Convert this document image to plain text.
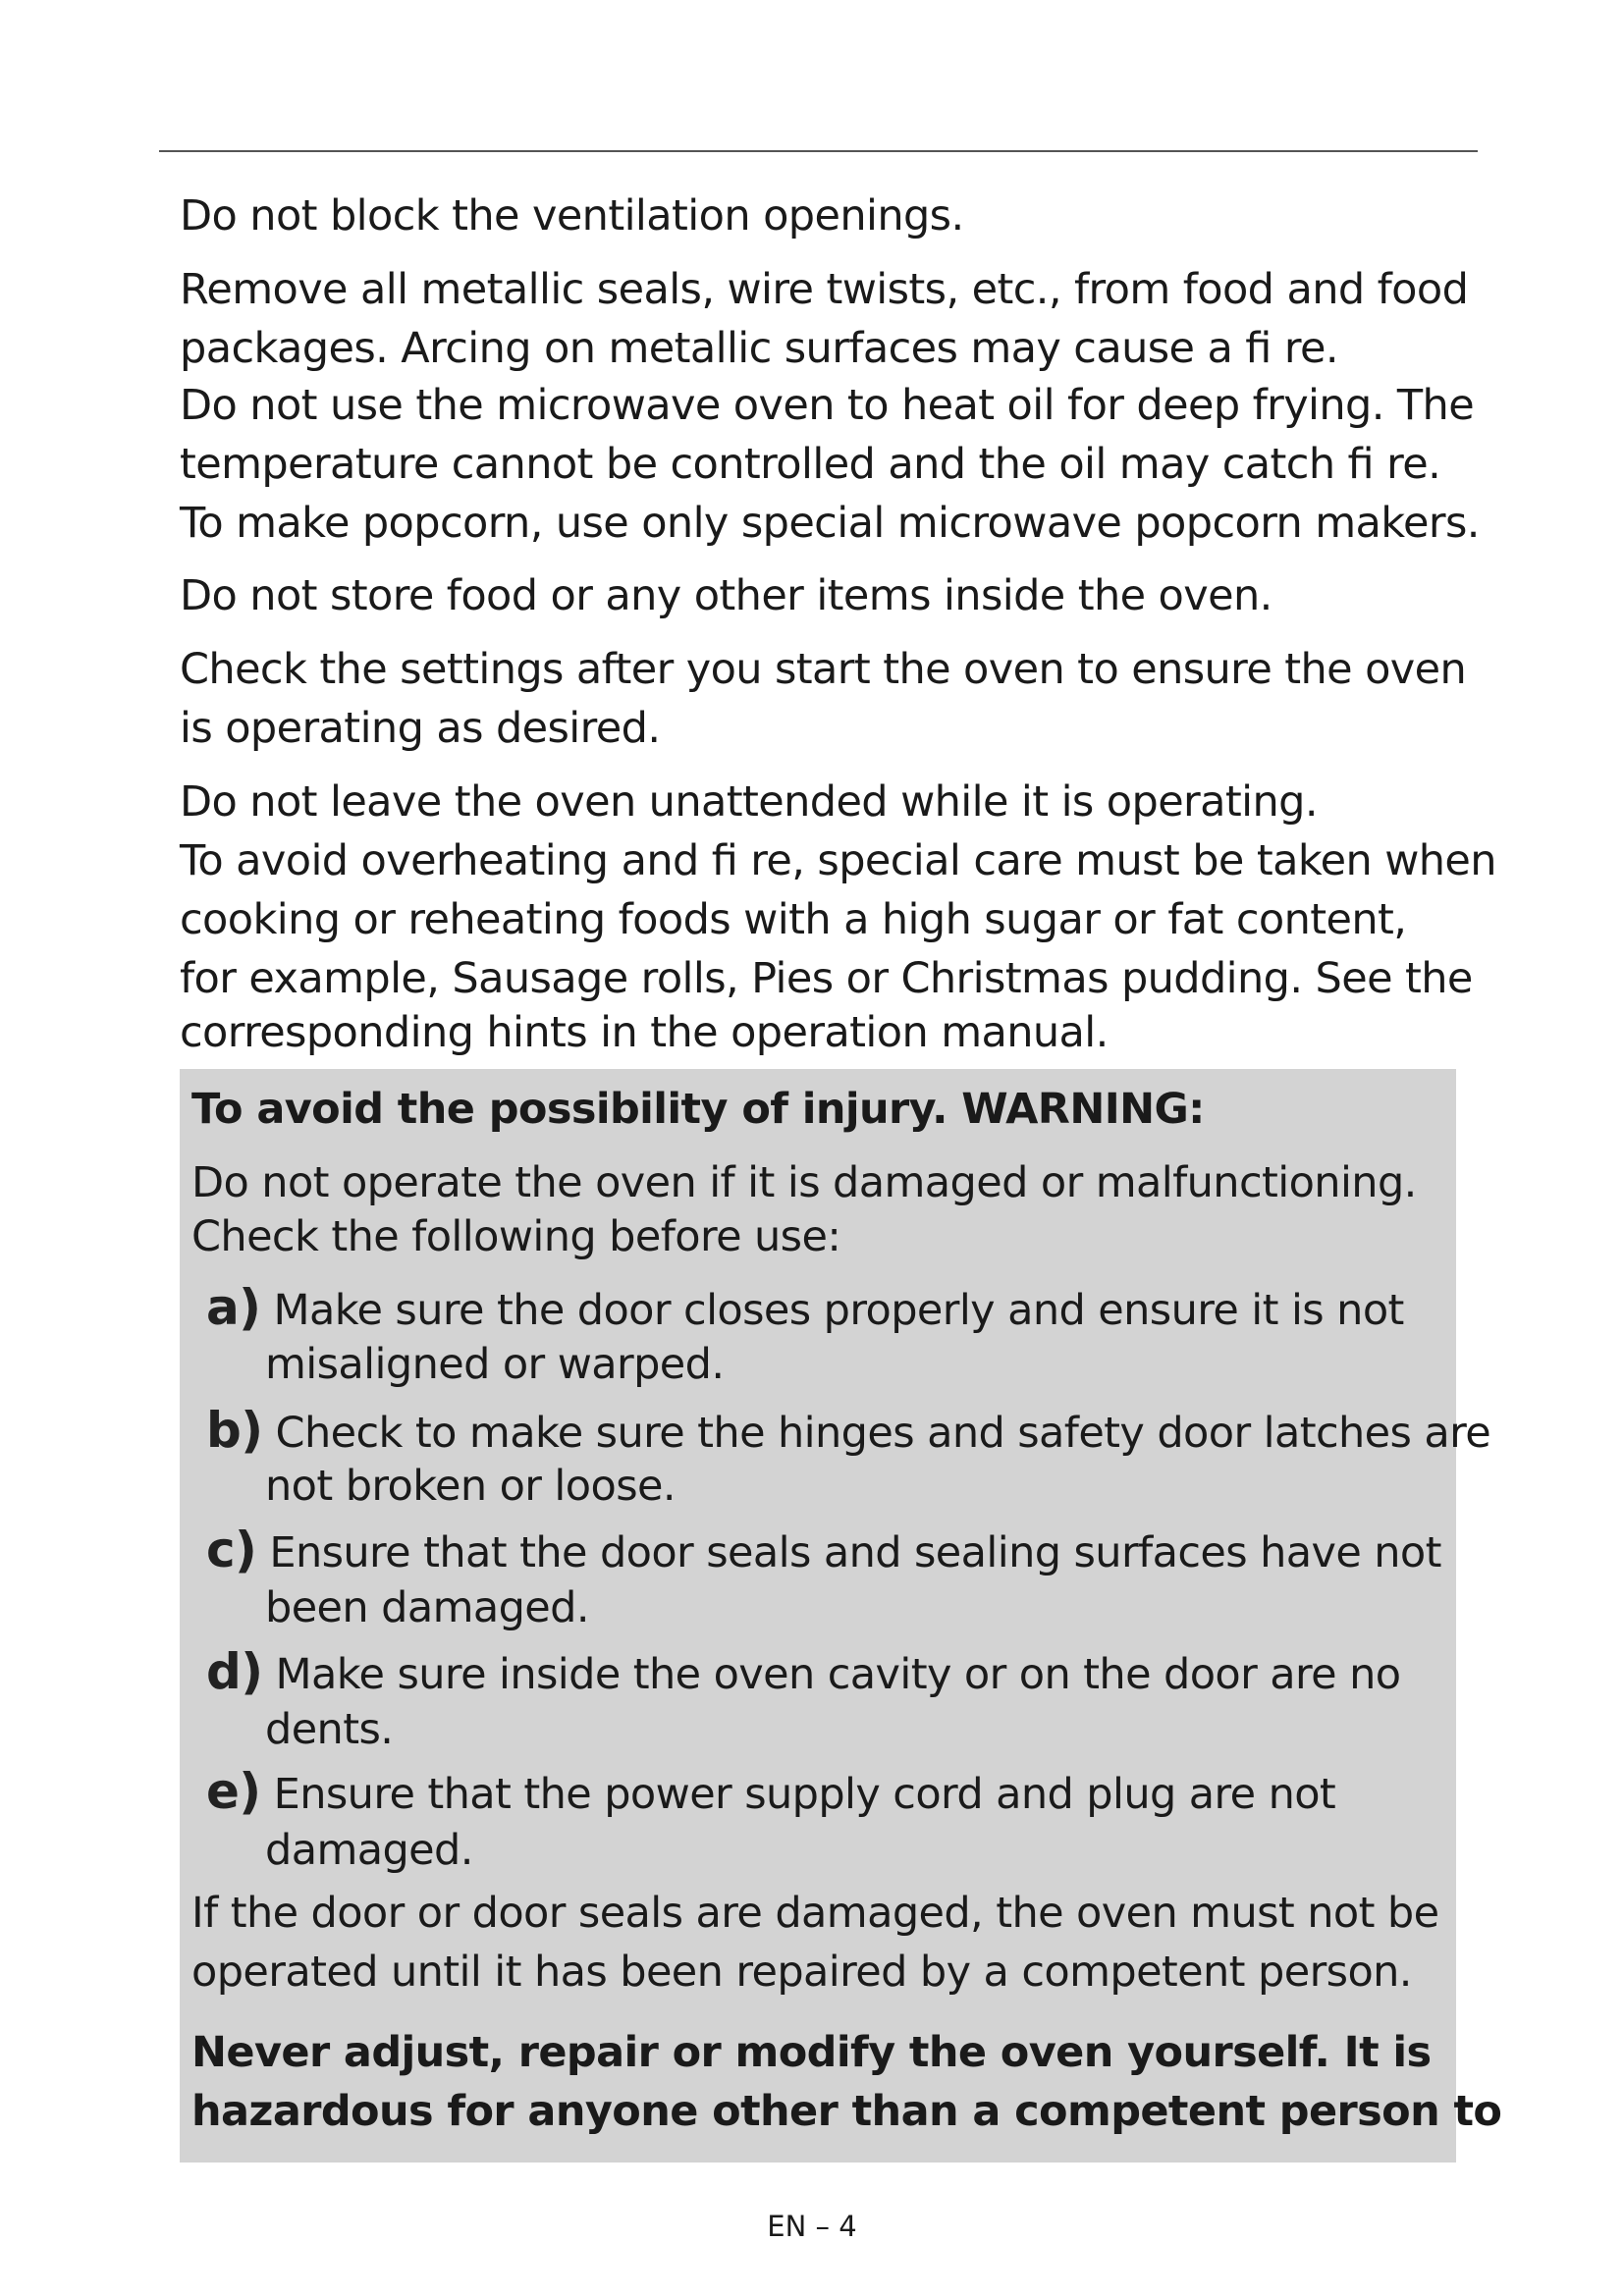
Do not block the ventilation openings.
Remove all metallic seals, wire twists, etc., from food and food
packages. Arcing on metallic surfaces may cause a ﬁ re.
Do not use the microwave oven to heat oil for deep frying. The
temperature cannot be controlled and the oil may catch ﬁ re.
To make popcorn, use only special microwave popcorn makers.
Do not store food or any other items inside the oven.
Check the settings after you start the oven to ensure the oven
is operating as desired.
Do not leave the oven unattended while it is operating.
To avoid overheating and ﬁ re, special care must be taken when
cooking or reheating foods with a high sugar or fat content,
for example, Sausage rolls, Pies or Christmas pudding. See the
corresponding hints in the operation manual.
To avoid the possibility of injury. WARNING:
Do not operate the oven if it is damaged or malfunctioning.
Check the following before use:
a) Make sure the door closes properly and ensure it is not
misaligned or warped.
b) Check to make sure the hinges and safety door latches are
not broken or loose.
c) Ensure that the door seals and sealing surfaces have not
been damaged.
d) Make sure inside the oven cavity or on the door are no
dents.
e) Ensure that the power supply cord and plug are not
damaged.
If the door or door seals are damaged, the oven must not be
operated until it has been repaired by a competent person.
Never adjust, repair or modify the oven yourself. It is
hazardous for anyone other than a competent person to
EN – 4
